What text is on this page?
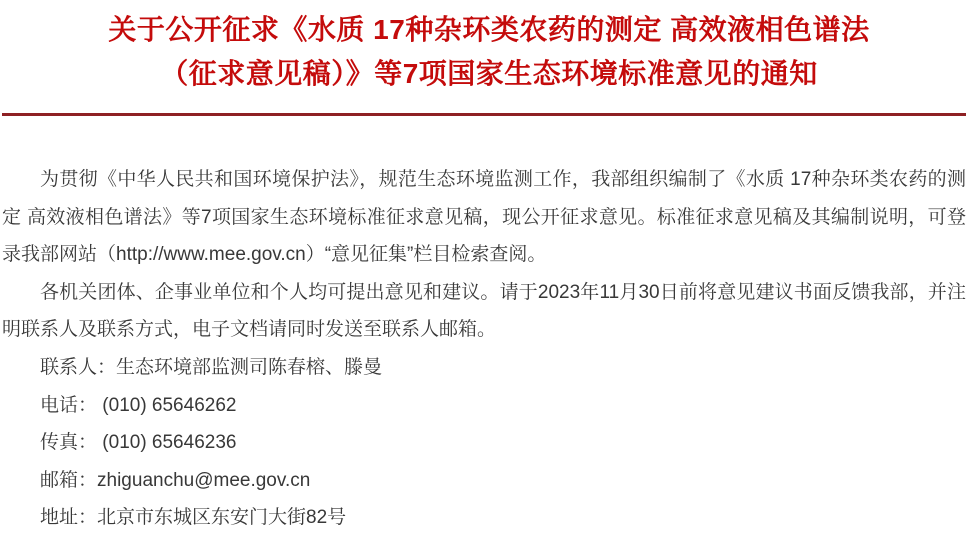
关于公开征求《水质 17种杂环类农药的测定 高效液相色谱法
（征求意见稿）》等7项国家生态环境标准意见的通知

为贯彻《中华人民共和国环境保护法》，规范生态环境监测工作，我部组织编制了《水质 17种杂环类农药的测定 高效液相色谱法》等7项国家生态环境标准征求意见稿，现公开征求意见。标准征求意见稿及其编制说明，可登录我部网站（http://www.mee.gov.cn）“意见征集”栏目检索查阅。

各机关团体、企事业单位和个人均可提出意见和建议。请于2023年11月30日前将意见建议书面反馈我部，并注明联系人及联系方式，电子文档请同时发送至联系人邮箱。

联系人：生态环境部监测司陈春榕、滕曼
电话： (010) 65646262
传真： (010) 65646236
邮箱：zhiguanchu@mee.gov.cn
地址：北京市东城区东安门大街82号
